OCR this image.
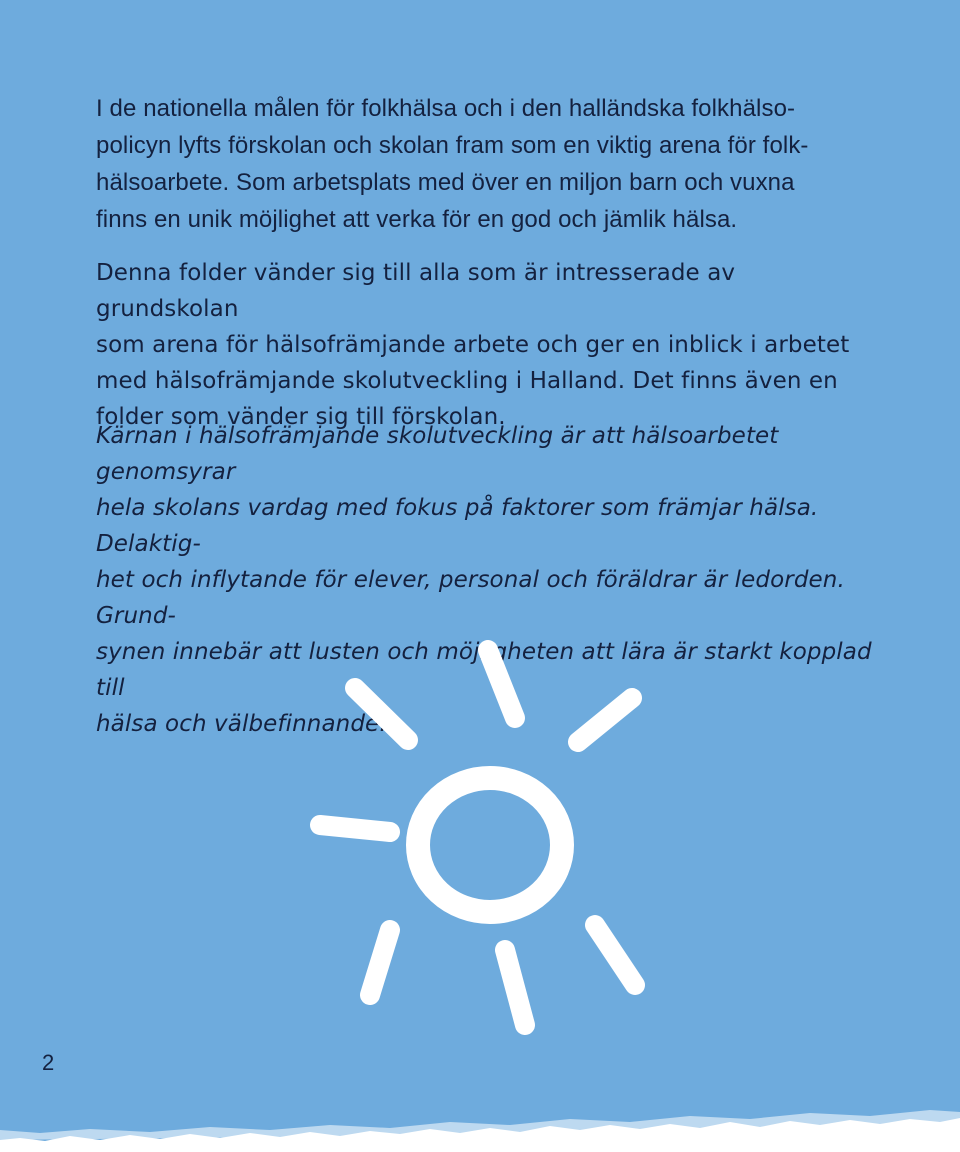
I de nationella målen för folkhälsa och i den halländska folkhälso-
policyn lyfts förskolan och skolan fram som en viktig arena för folk-
hälsoarbete. Som arbetsplats med över en miljon barn och vuxna
finns en unik möjlighet att verka för en god och jämlik hälsa.

Denna folder vänder sig till alla som är intresserade av grundskolan
som arena för hälsofrämjande arbete och ger en inblick i arbetet
med hälsofrämjande skolutveckling i Halland. Det finns även en
folder som vänder sig till förskolan.

Kärnan i hälsofrämjande skolutveckling är att hälsoarbetet genomsyrar
hela skolans vardag med fokus på faktorer som främjar hälsa. Delaktig-
het och inflytande för elever, personal och föräldrar är ledorden. Grund-
synen innebär att lusten och möjligheten att lära är starkt kopplad till
hälsa och välbefinnande.

2
